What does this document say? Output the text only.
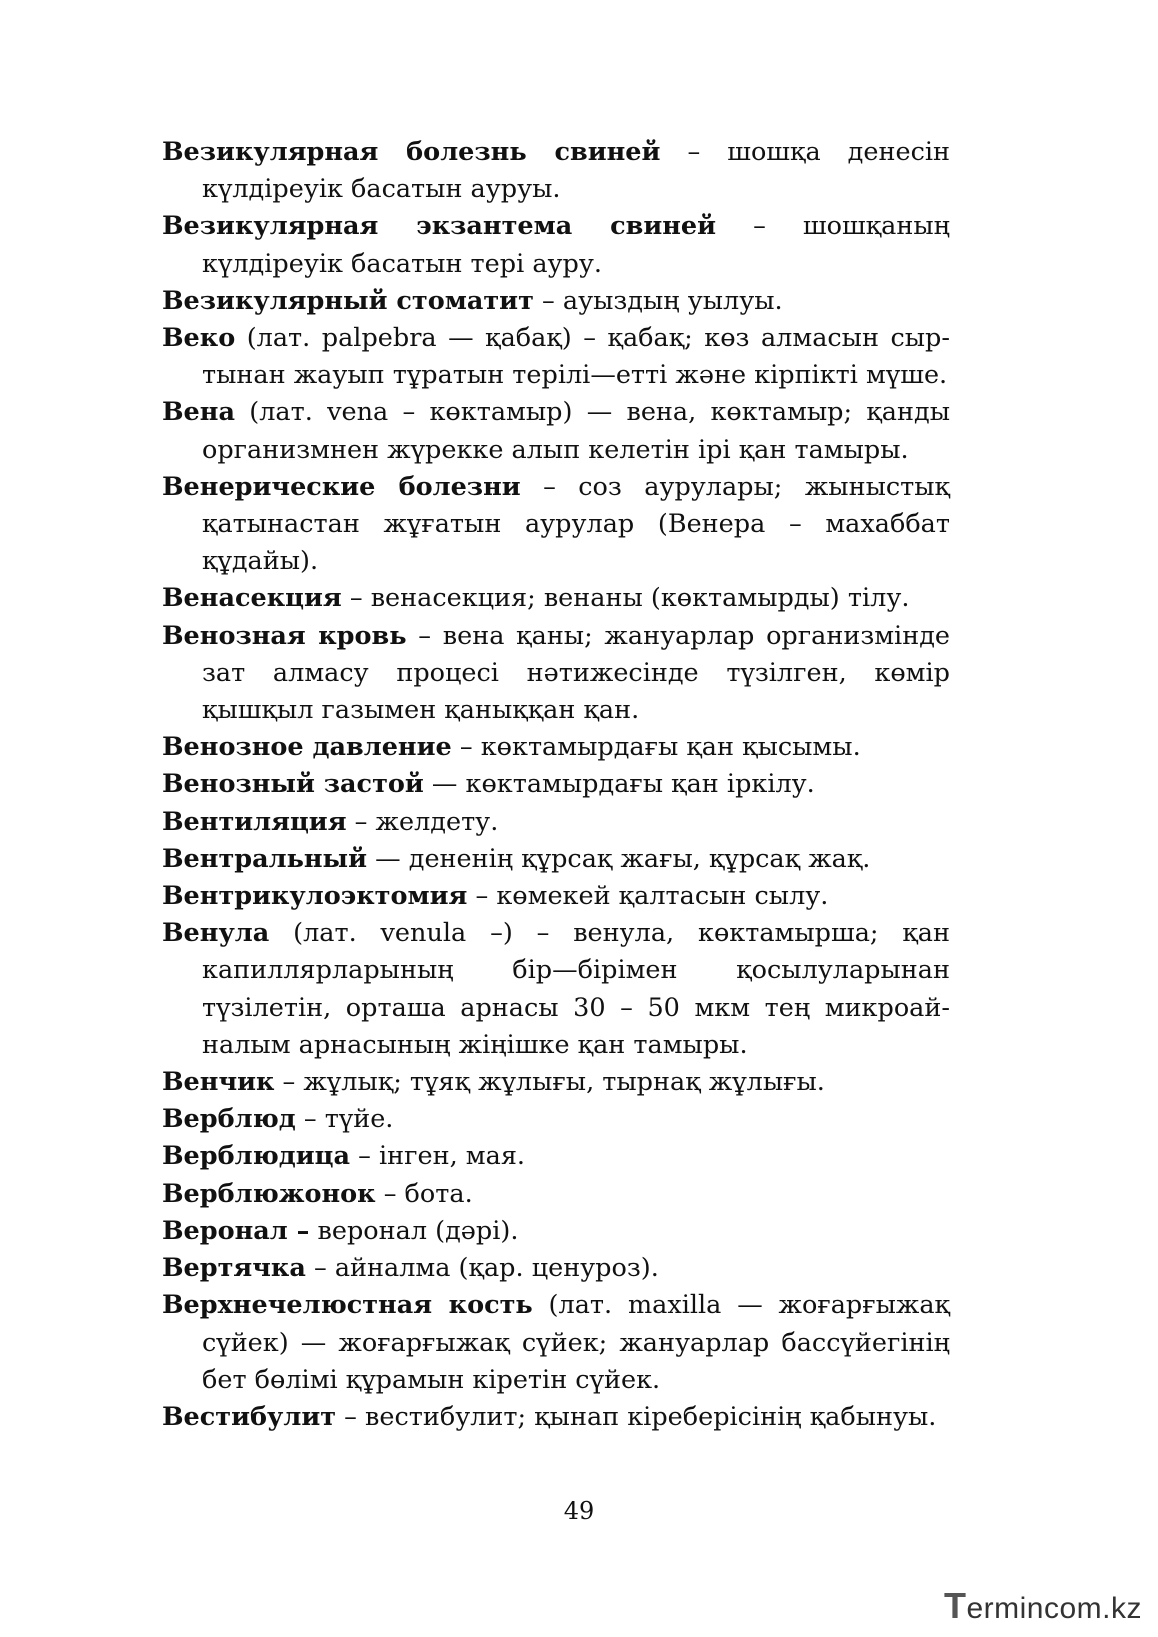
Везикулярная болезнь свиней – шошқа денесін күлдіреуік басатын ауруы.

Везикулярная экзантема свиней – шошқаның күлдіреуік басатын тері ауру.

Везикулярный стоматит – ауыздың уылуы.

Веко (лат. palpebra — қабақ) – қабақ; көз алмасын сыр-тынан жауып тұратын терілі—етті және кірпікті мүше.

Вена (лат. vena – көктамыр) — вена, көктамыр; қанды организмнен жүрекке алып келетін ірі қан тамыры.

Венерические болезни – соз аурулары; жыныстық қатынастан жұғатын аурулар (Венера – махаббат құдайы).

Венасекция – венасекция; венаны (көктамырды) тілу.

Венозная кровь – вена қаны; жануарлар организмінде зат алмасу процесі нәтижесінде түзілген, көмір қышқыл газымен қаныққан қан.

Венозное давление – көктамырдағы қан қысымы.

Венозный застой — көктамырдағы қан іркілу.

Вентиляция – желдету.

Вентральный — дененің құрсақ жағы, құрсақ жақ.

Вентрикулоэктомия – көмекей қалтасын сылу.

Венула (лат. venula –) – венула, көктамырша; қан капиллярларының бір—бірімен қосылуларынан түзілетін, орташа арнасы 30 – 50 мкм тең микроай-налым арнасының жіңішке қан тамыры.

Венчик – жұлық; тұяқ жұлығы, тырнақ жұлығы.

Верблюд – түйе.

Верблюдица – інген, мая.

Верблюжонок – бота.

Веронал – веронал (дәрі).

Вертячка – айналма (қар. ценуроз).

Верхнечелюстная кость (лат. maxilla — жоғарғыжақ сүйек) — жоғарғыжақ сүйек; жануарлар бассүйегінің бет бөлімі құрамын кіретін сүйек.

Вестибулит – вестибулит; қынап кіреберісінің қабынуы.

49
Termincom.kz
